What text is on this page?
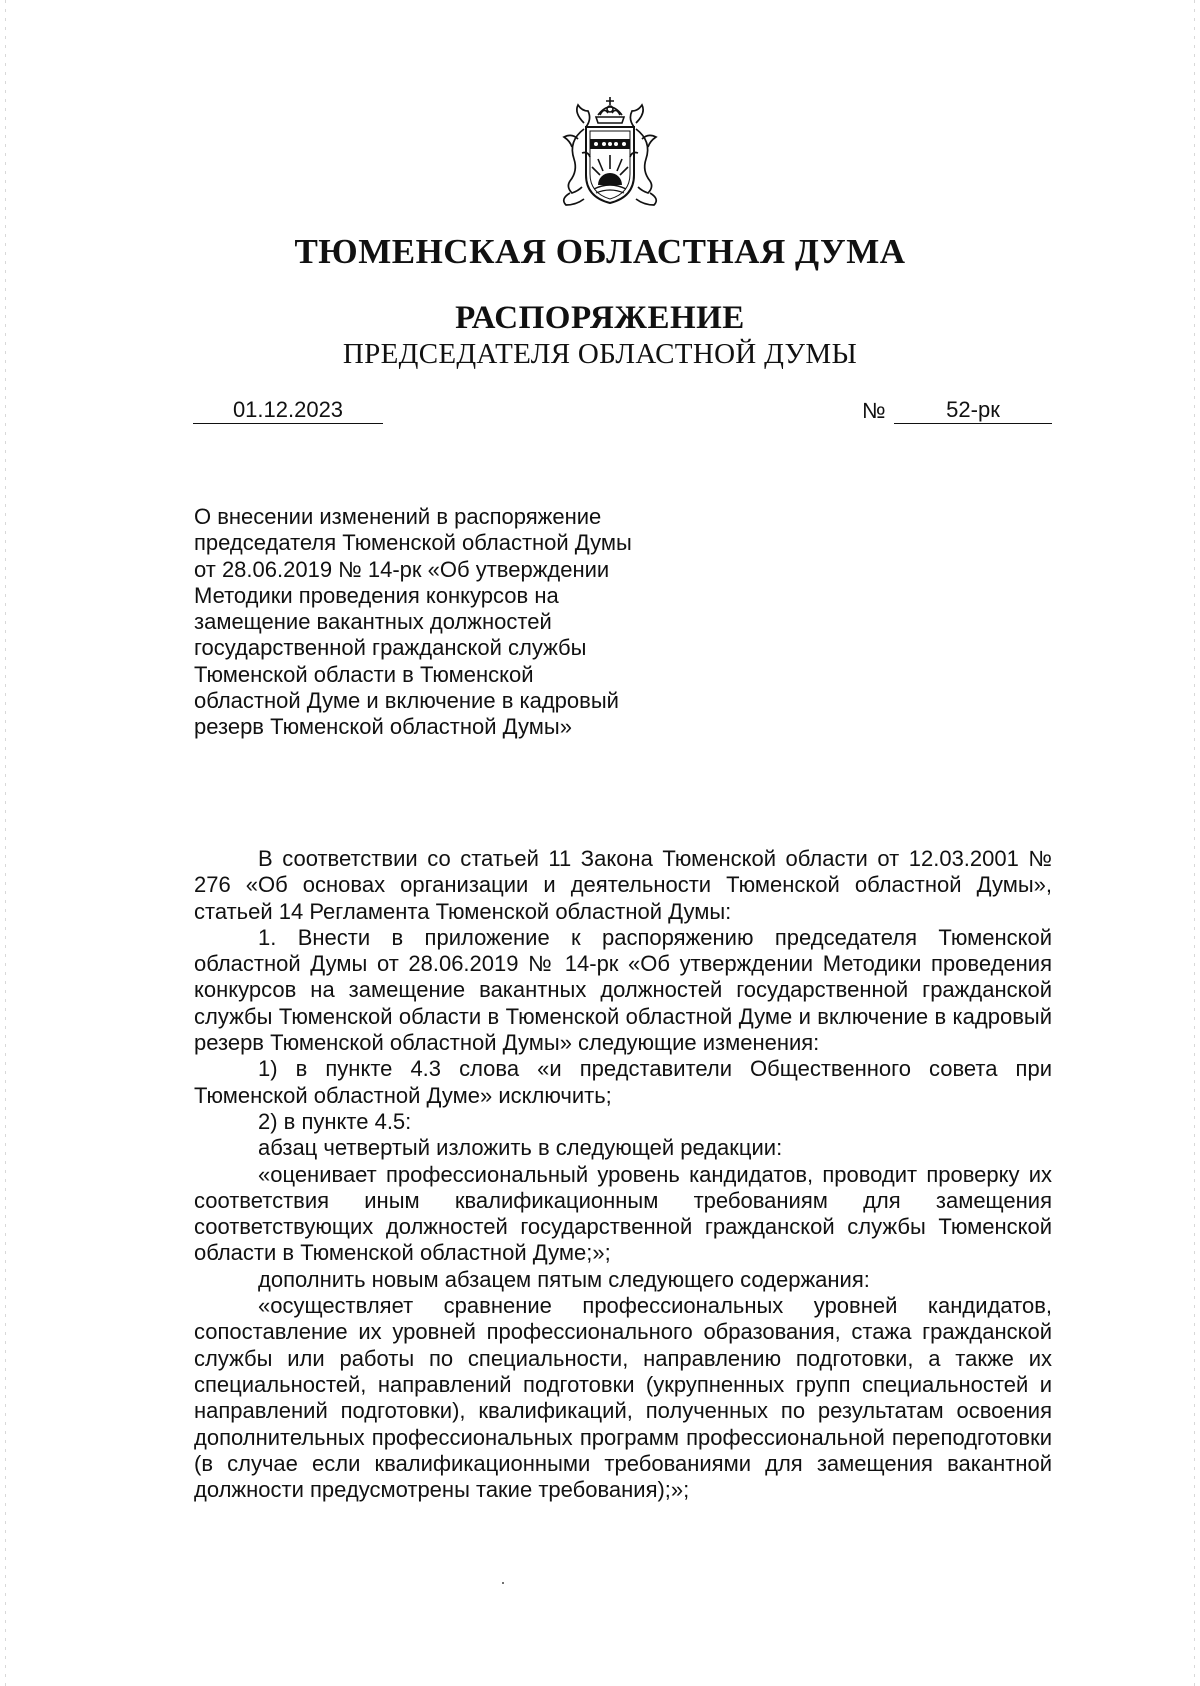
ТЮМЕНСКАЯ ОБЛАСТНАЯ ДУМА
РАСПОРЯЖЕНИЕ
ПРЕДСЕДАТЕЛЯ ОБЛАСТНОЙ ДУМЫ
01.12.2023	№	52-рк
О внесении изменений в распоряжение
председателя Тюменской областной Думы
от 28.06.2019 № 14-рк «Об утверждении
Методики проведения конкурсов на
замещение вакантных должностей
государственной гражданской службы
Тюменской области в Тюменской
областной Думе и включение в кадровый
резерв Тюменской областной Думы»

В соответствии со статьей 11 Закона Тюменской области от 12.03.2001 № 276 «Об основах организации и деятельности Тюменской областной Думы», статьей 14 Регламента Тюменской областной Думы:

1. Внести в приложение к распоряжению председателя Тюменской областной Думы от 28.06.2019 № 14-рк «Об утверждении Методики проведения конкурсов на замещение вакантных должностей государственной гражданской службы Тюменской области в Тюменской областной Думе и включение в кадровый резерв Тюменской областной Думы» следующие изменения:

1) в пункте 4.3 слова «и представители Общественного совета при Тюменской областной Думе» исключить;

2) в пункте 4.5:

абзац четвертый изложить в следующей редакции:

«оценивает профессиональный уровень кандидатов, проводит проверку их соответствия иным квалификационным требованиям для замещения соответствующих должностей государственной гражданской службы Тюменской области в Тюменской областной Думе;»;

дополнить новым абзацем пятым следующего содержания:

«осуществляет сравнение профессиональных уровней кандидатов, сопоставление их уровней профессионального образования, стажа гражданской службы или работы по специальности, направлению подготовки, а также их специальностей, направлений подготовки (укрупненных групп специальностей и направлений подготовки), квалификаций, полученных по результатам освоения дополнительных профессиональных программ профессиональной переподготовки (в случае если квалификационными требованиями для замещения вакантной должности предусмотрены такие требования);»;
